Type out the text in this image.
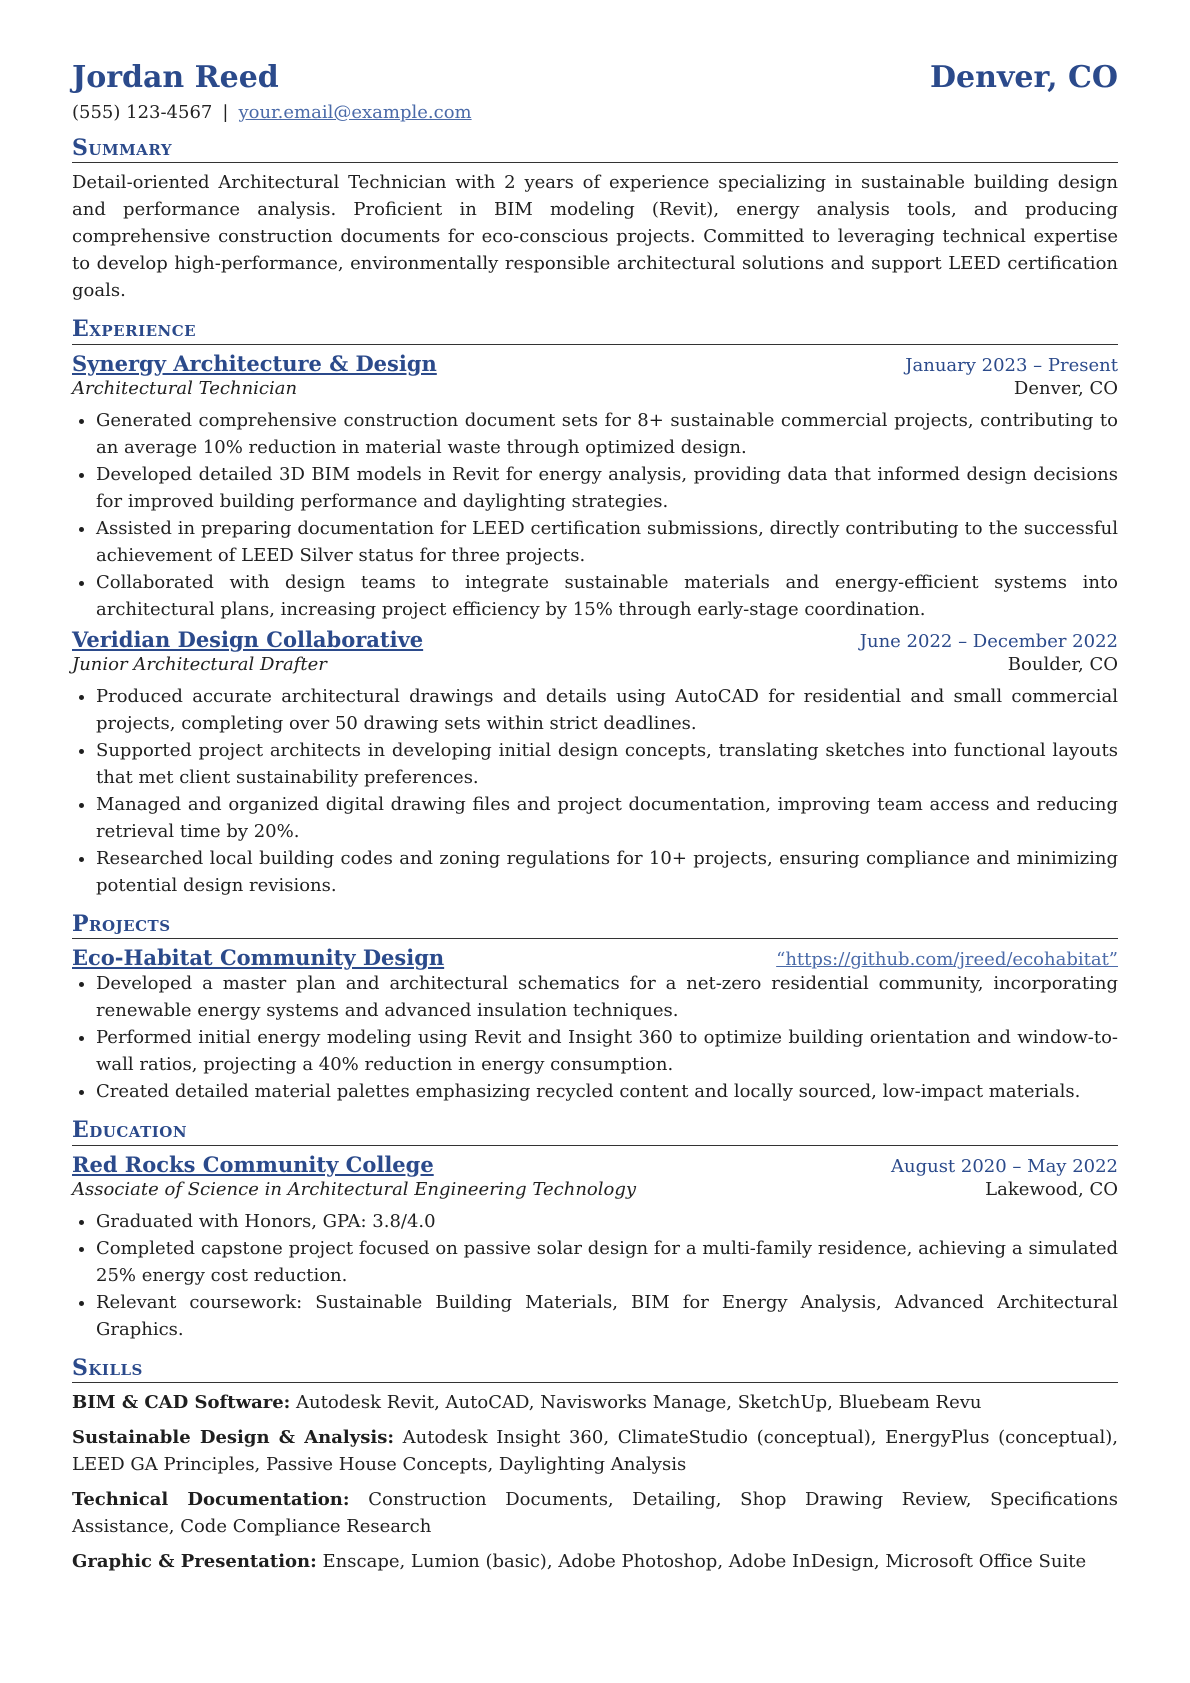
Jordan Reed	Denver, CO
(555) 123-4567 | your.email@example.com
Summary

Detail-oriented Architectural Technician with 2 years of experience specializing in sustainable building design and performance analysis. Proficient in BIM modeling (Revit), energy analysis tools, and producing comprehensive construction documents for eco-conscious projects. Committed to leveraging technical expertise to develop high-performance, environmentally responsible architectural solutions and support LEED certification goals.

Experience
Synergy Architecture & Design	January 2023 – Present
Architectural Technician	Denver, CO
• Generated comprehensive construction document sets for 8+ sustainable commercial projects, contributing to an average 10% reduction in material waste through optimized design.
• Developed detailed 3D BIM models in Revit for energy analysis, providing data that informed design decisions for improved building performance and daylighting strategies.
• Assisted in preparing documentation for LEED certification submissions, directly contributing to the successful achievement of LEED Silver status for three projects.
• Collaborated with design teams to integrate sustainable materials and energy-efficient systems into architectural plans, increasing project efficiency by 15% through early-stage coordination.
Veridian Design Collaborative	June 2022 – December 2022
Junior Architectural Drafter	Boulder, CO
• Produced accurate architectural drawings and details using AutoCAD for residential and small commercial projects, completing over 50 drawing sets within strict deadlines.
• Supported project architects in developing initial design concepts, translating sketches into functional layouts that met client sustainability preferences.
• Managed and organized digital drawing files and project documentation, improving team access and reducing retrieval time by 20%.
• Researched local building codes and zoning regulations for 10+ projects, ensuring compliance and minimizing potential design revisions.
Projects
Eco-Habitat Community Design	“https://github.com/jreed/ecohabitat”
• Developed a master plan and architectural schematics for a net-zero residential community, incorporating renewable energy systems and advanced insulation techniques.
• Performed initial energy modeling using Revit and Insight 360 to optimize building orientation and window-to-wall ratios, projecting a 40% reduction in energy consumption.
• Created detailed material palettes emphasizing recycled content and locally sourced, low-impact materials.
Education
Red Rocks Community College	August 2020 – May 2022
Associate of Science in Architectural Engineering Technology	Lakewood, CO
• Graduated with Honors, GPA: 3.8/4.0
• Completed capstone project focused on passive solar design for a multi-family residence, achieving a simulated 25% energy cost reduction.
• Relevant coursework: Sustainable Building Materials, BIM for Energy Analysis, Advanced Architectural Graphics.
Skills

BIM & CAD Software: Autodesk Revit, AutoCAD, Navisworks Manage, SketchUp, Bluebeam Revu

Sustainable Design & Analysis: Autodesk Insight 360, ClimateStudio (conceptual), EnergyPlus (conceptual), LEED GA Principles, Passive House Concepts, Daylighting Analysis

Technical Documentation: Construction Documents, Detailing, Shop Drawing Review, Specifications Assistance, Code Compliance Research

Graphic & Presentation: Enscape, Lumion (basic), Adobe Photoshop, Adobe InDesign, Microsoft Office Suite
